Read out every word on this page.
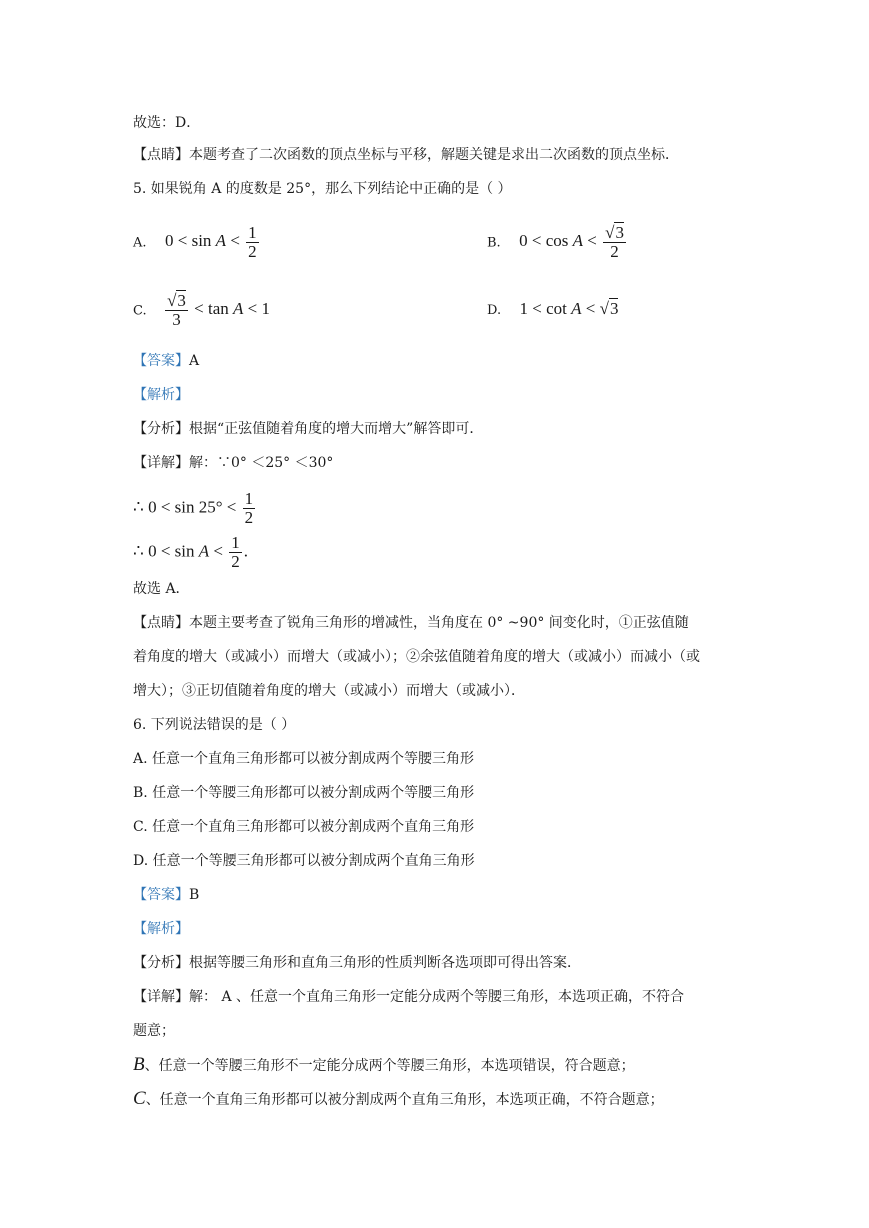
故选：D．
【点睛】本题考查了二次函数的顶点坐标与平移，解题关键是求出二次函数的顶点坐标．
5. 如果锐角 A 的度数是 25°，那么下列结论中正确的是（ ）
A. $0 < \sin A < \frac{1}{2}$	B. $0 < \cos A < \frac{√3}{2}$
C. $\frac{√3}{3} < \tan A < 1$	D. 1 < cot A < √3
【答案】A
【解析】
【分析】根据“正弦值随着角度的增大而增大”解答即可．
【详解】解：∵0° ＜25° ＜30°
∴ $0 < \sin 25^\circ < \frac{1}{2}$
∴ $0 < \sin A < \frac{1}{2}$ .
故选 A．
【点睛】本题主要考查了锐角三角形的增减性，当角度在 0° ~90° 间变化时，①正弦值随
着角度的增大（或减小）而增大（或减小）；②余弦值随着角度的增大（或减小）而减小（或
增大）；③正切值随着角度的增大（或减小）而增大（或减小）．
6. 下列说法错误的是（ ）
A. 任意一个直角三角形都可以被分割成两个等腰三角形
B. 任意一个等腰三角形都可以被分割成两个等腰三角形
C. 任意一个直角三角形都可以被分割成两个直角三角形
D. 任意一个等腰三角形都可以被分割成两个直角三角形
【答案】B
【解析】
【分析】根据等腰三角形和直角三角形的性质判断各选项即可得出答案．
【详解】解： A 、任意一个直角三角形一定能分成两个等腰三角形，本选项正确，不符合
题意；
B、任意一个等腰三角形不一定能分成两个等腰三角形，本选项错误，符合题意；
C、任意一个直角三角形都可以被分割成两个直角三角形，本选项正确，不符合题意；
